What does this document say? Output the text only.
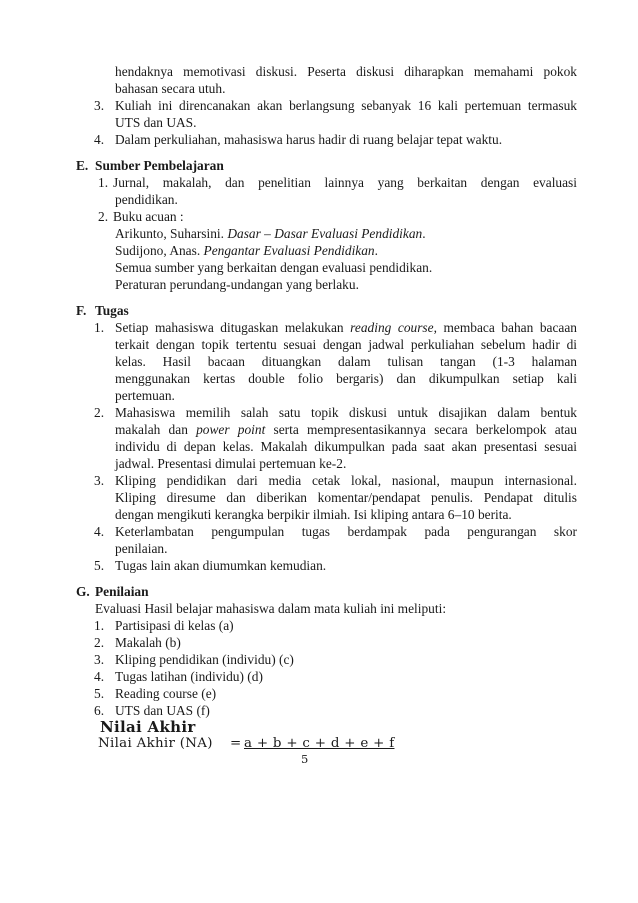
hendaknya memotivasi diskusi. Peserta diskusi diharapkan memahami pokok
bahasan secara utuh.
3. Kuliah ini direncanakan akan berlangsung sebanyak 16 kali pertemuan termasuk
UTS dan UAS.
4. Dalam perkuliahan, mahasiswa harus hadir di ruang belajar tepat waktu.
E. Sumber Pembelajaran
1. Jurnal, makalah, dan penelitian lainnya yang berkaitan dengan evaluasi
pendidikan.
2. Buku acuan :
Arikunto, Suharsini. Dasar – Dasar Evaluasi Pendidikan.
Sudijono, Anas. Pengantar Evaluasi Pendidikan.
Semua sumber yang berkaitan dengan evaluasi pendidikan.
Peraturan perundang-undangan yang berlaku.
F. Tugas
1. Setiap mahasiswa ditugaskan melakukan reading course, membaca bahan bacaan
terkait dengan topik tertentu sesuai dengan jadwal perkuliahan sebelum hadir di
kelas. Hasil bacaan dituangkan dalam tulisan tangan (1-3 halaman
menggunakan kertas double folio bergaris) dan dikumpulkan setiap kali
pertemuan.
2. Mahasiswa memilih salah satu topik diskusi untuk disajikan dalam bentuk
makalah dan power point serta mempresentasikannya secara berkelompok atau
individu di depan kelas. Makalah dikumpulkan pada saat akan presentasi sesuai
jadwal. Presentasi dimulai pertemuan ke-2.
3. Kliping pendidikan dari media cetak lokal, nasional, maupun internasional.
Kliping diresume dan diberikan komentar/pendapat penulis. Pendapat ditulis
dengan mengikuti kerangka berpikir ilmiah. Isi kliping antara 6–10 berita.
4. Keterlambatan pengumpulan tugas berdampak pada pengurangan skor
penilaian.
5. Tugas lain akan diumumkan kemudian.
G. Penilaian
Evaluasi Hasil belajar mahasiswa dalam mata kuliah ini meliputi:
1. Partisipasi di kelas (a)
2. Makalah (b)
3. Kliping pendidikan (individu) (c)
4. Tugas latihan (individu) (d)
5. Reading course (e)
6. UTS dan UAS (f)
Nilai Akhir
Nilai Akhir (NA) = a + b + c + d + e + f
5
